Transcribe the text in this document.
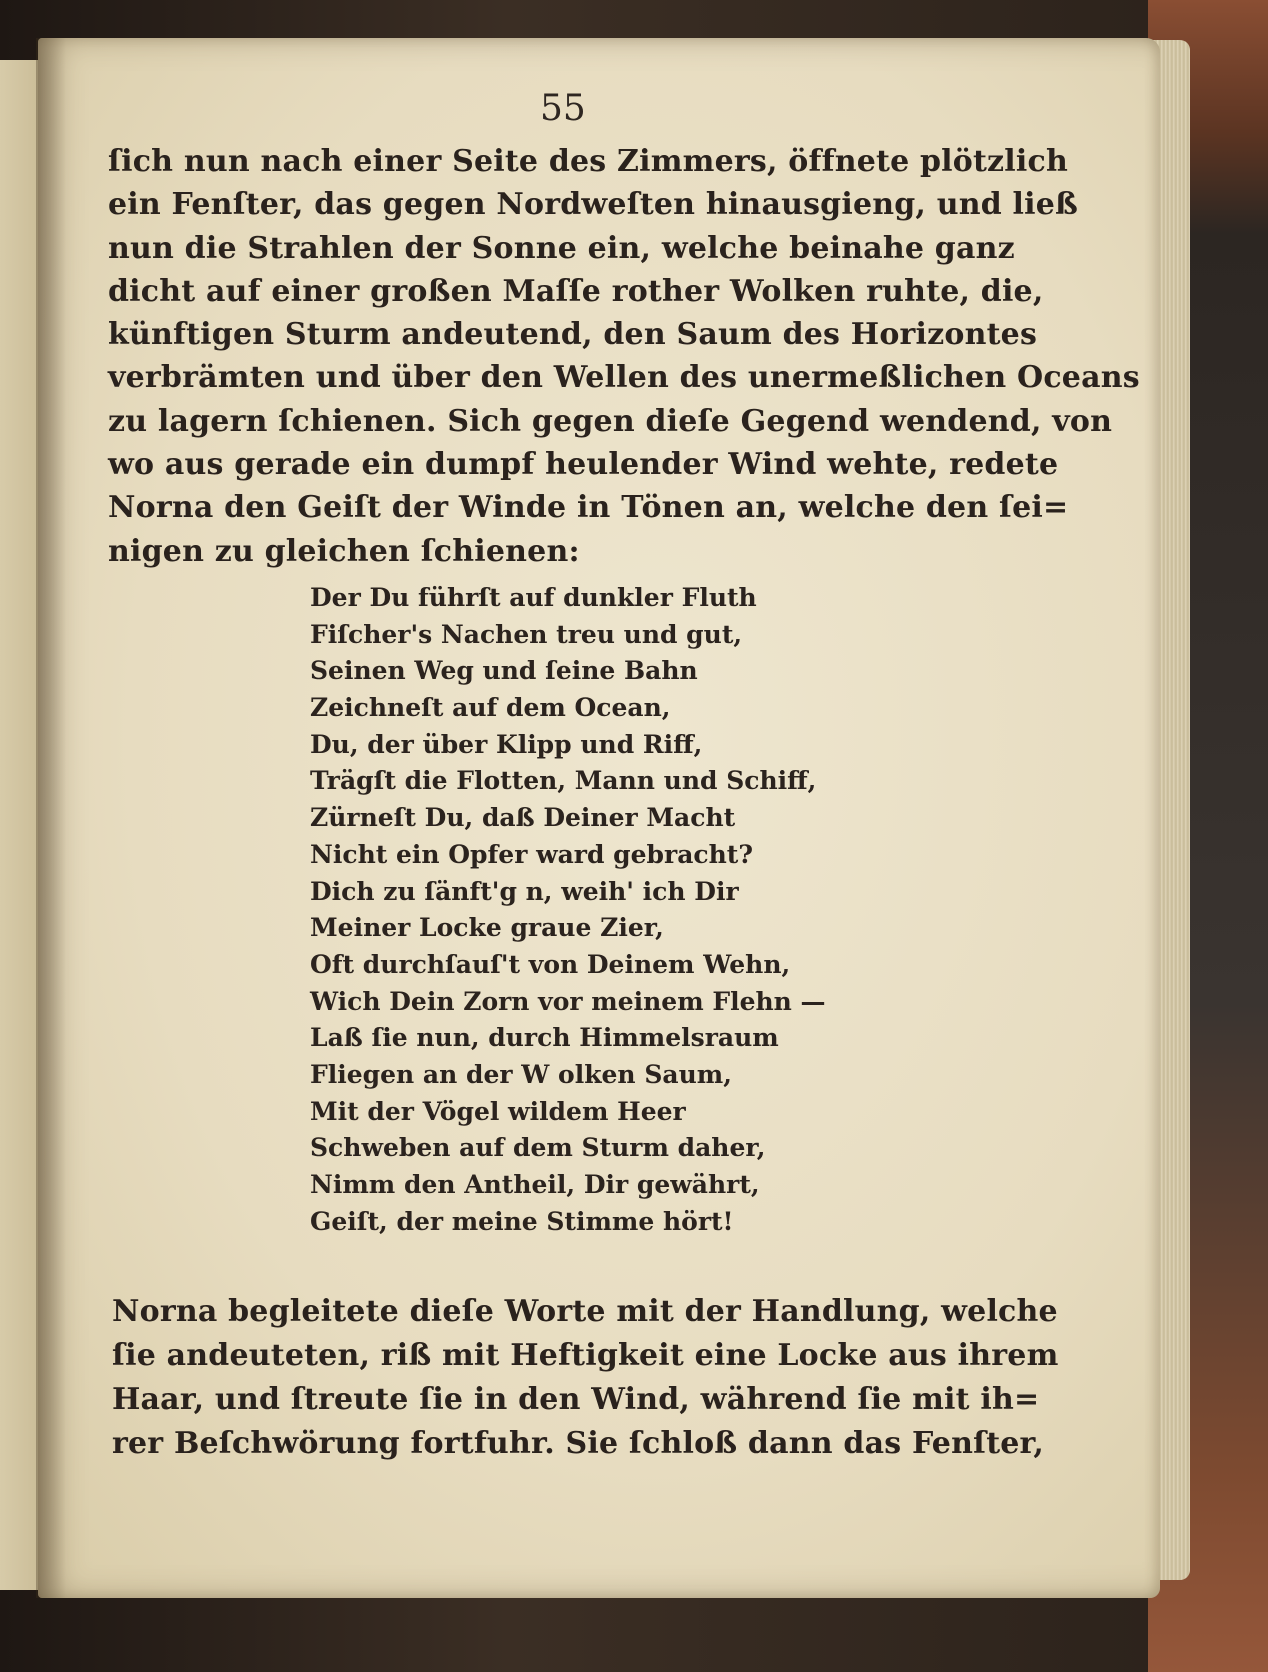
55
ſich nun nach einer Seite des Zimmers, öffnete plötzlich
ein Fenſter, das gegen Nordweſten hinausgieng, und ließ
nun die Strahlen der Sonne ein, welche beinahe ganz
dicht auf einer großen Maſſe rother Wolken ruhte, die,
künftigen Sturm andeutend, den Saum des Horizontes
verbrämten und über den Wellen des unermeßlichen Oceans
zu lagern ſchienen. Sich gegen dieſe Gegend wendend, von
wo aus gerade ein dumpf heulender Wind wehte, redete
Norna den Geiſt der Winde in Tönen an, welche den ſei=
nigen zu gleichen ſchienen:
Der Du führſt auf dunkler Fluth
Fiſcher's Nachen treu und gut,
Seinen Weg und ſeine Bahn
Zeichneſt auf dem Ocean,
Du, der über Klipp und Riff,
Trägſt die Flotten, Mann und Schiff,
Zürneſt Du, daß Deiner Macht
Nicht ein Opfer ward gebracht?
Dich zu ſänft'g n, weih' ich Dir
Meiner Locke graue Zier,
Oft durchſauſ't von Deinem Wehn,
Wich Dein Zorn vor meinem Flehn —
Laß ſie nun, durch Himmelsraum
Fliegen an der W olken Saum,
Mit der Vögel wildem Heer
Schweben auf dem Sturm daher,
Nimm den Antheil, Dir gewährt,
Geiſt, der meine Stimme hört!
Norna begleitete dieſe Worte mit der Handlung, welche
ſie andeuteten, riß mit Heftigkeit eine Locke aus ihrem
Haar, und ſtreute ſie in den Wind, während ſie mit ih=
rer Beſchwörung fortfuhr. Sie ſchloß dann das Fenſter,
